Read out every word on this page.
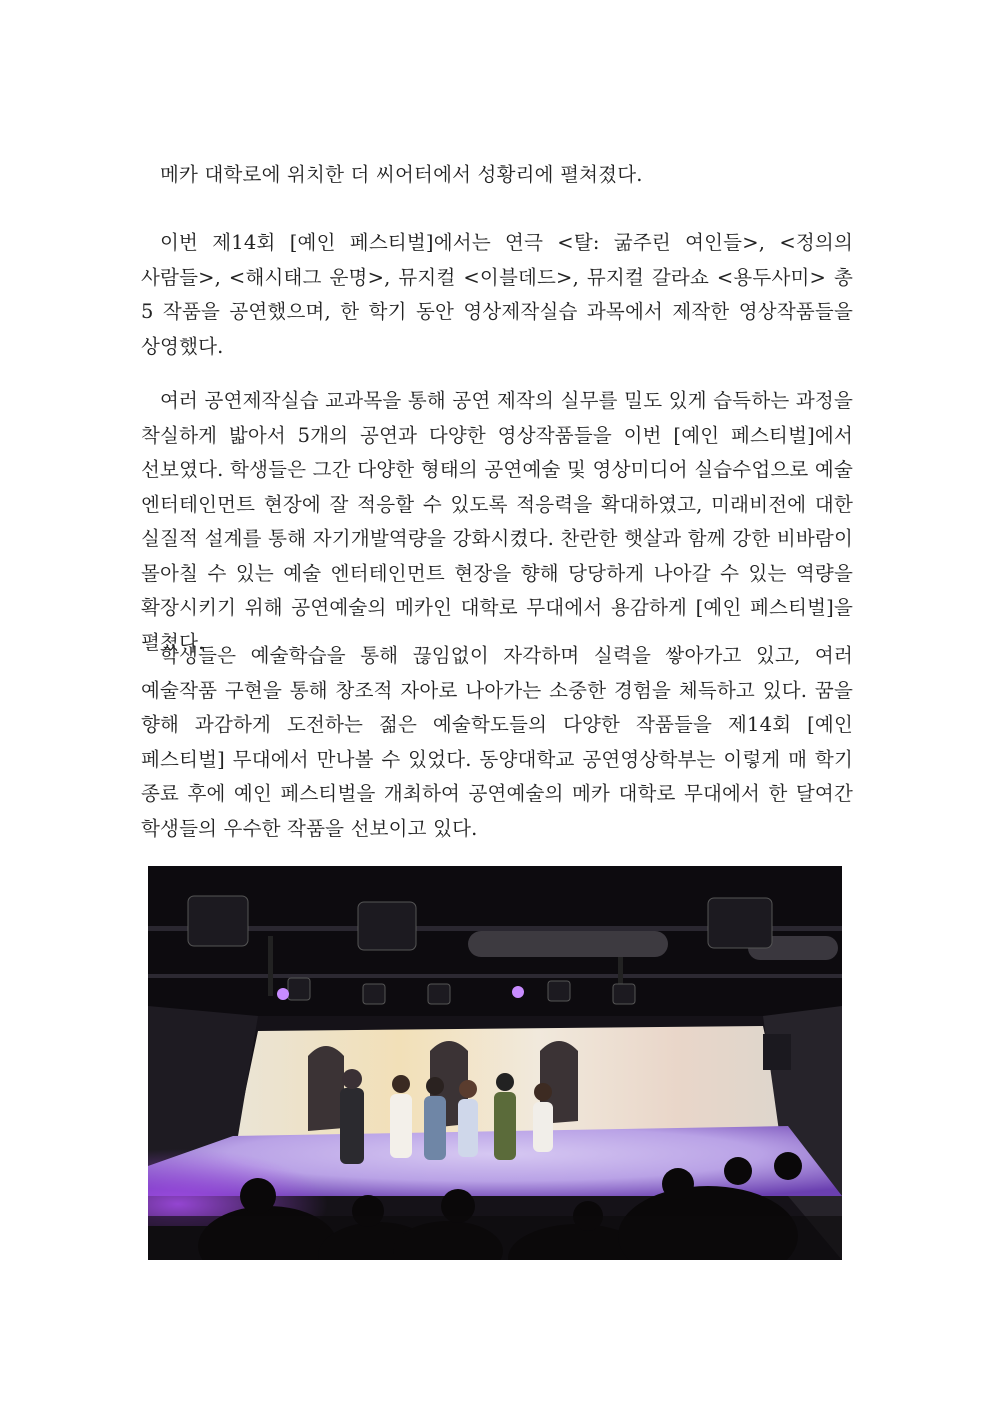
메카 대학로에 위치한 더 씨어터에서 성황리에 펼쳐졌다.

이번 제14회 [예인 페스티벌]에서는 연극 <탈: 굶주린 여인들>, <정의의 사람들>, <해시태그 운명>, 뮤지컬 <이블데드>, 뮤지컬 갈라쇼 <용두사미> 총 5 작품을 공연했으며, 한 학기 동안 영상제작실습 과목에서 제작한 영상작품들을 상영했다.

여러 공연제작실습 교과목을 통해 공연 제작의 실무를 밀도 있게 습득하는 과정을 착실하게 밟아서 5개의 공연과 다양한 영상작품들을 이번 [예인 페스티벌]에서 선보였다. 학생들은 그간 다양한 형태의 공연예술 및 영상미디어 실습수업으로 예술 엔터테인먼트 현장에 잘 적응할 수 있도록 적응력을 확대하였고, 미래비전에 대한 실질적 설계를 통해 자기개발역량을 강화시켰다. 찬란한 햇살과 함께 강한 비바람이 몰아칠 수 있는 예술 엔터테인먼트 현장을 향해 당당하게 나아갈 수 있는 역량을 확장시키기 위해 공연예술의 메카인 대학로 무대에서 용감하게 [예인 페스티벌]을 펼쳤다.

학생들은 예술학습을 통해 끊임없이 자각하며 실력을 쌓아가고 있고, 여러 예술작품 구현을 통해 창조적 자아로 나아가는 소중한 경험을 체득하고 있다. 꿈을 향해 과감하게 도전하는 젊은 예술학도들의 다양한 작품들을 제14회 [예인 페스티벌] 무대에서 만나볼 수 있었다. 동양대학교 공연영상학부는 이렇게 매 학기 종료 후에 예인 페스티벌을 개최하여 공연예술의 메카 대학로 무대에서 한 달여간 학생들의 우수한 작품을 선보이고 있다.
